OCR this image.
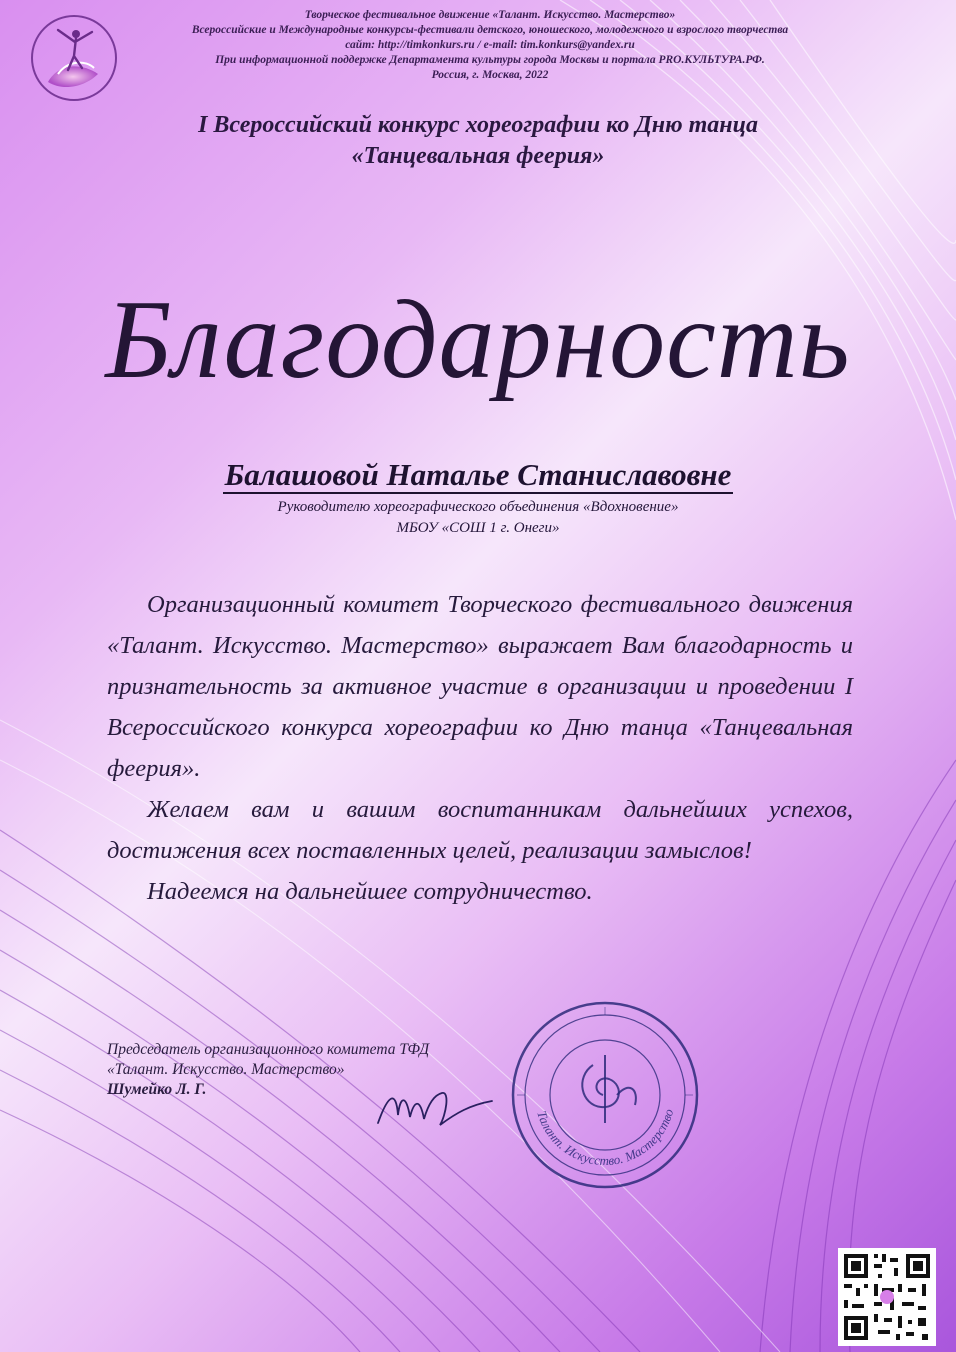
Творческое фестивальное движение «Талант. Искусство. Мастерство»
Всероссийские и Международные конкурсы-фестивали детского, юношеского, молодежного и взрослого творчества
сайт: http://timkonkurs.ru / e-mail: tim.konkurs@yandex.ru
При информационной поддержке Департамента культуры города Москвы и портала PRO.КУЛЬТУРА.РФ.
Россия, г. Москва, 2022
I Всероссийский конкурс хореографии ко Дню танца
«Танцевальная феерия»
Благодарность
Балашовой Наталье Станиславовне
Руководителю хореографического объединения «Вдохновение»
МБОУ «СОШ 1 г. Онеги»

Организационный комитет Творческого фестивального движения «Талант. Искусство. Мастерство» выражает Вам благодарность и признательность за активное участие в организации и проведении I Всероссийского конкурса хореографии ко Дню танца «Танцевальная феерия».

Желаем вам и вашим воспитанникам дальнейших успехов, достижения всех поставленных целей, реализации замыслов!

Надеемся на дальнейшее сотрудничество.

Председатель организационного комитета ТФД
«Талант. Искусство. Мастерство»
Шумейко Л. Г.
Талант. Искусство. Мастерство
